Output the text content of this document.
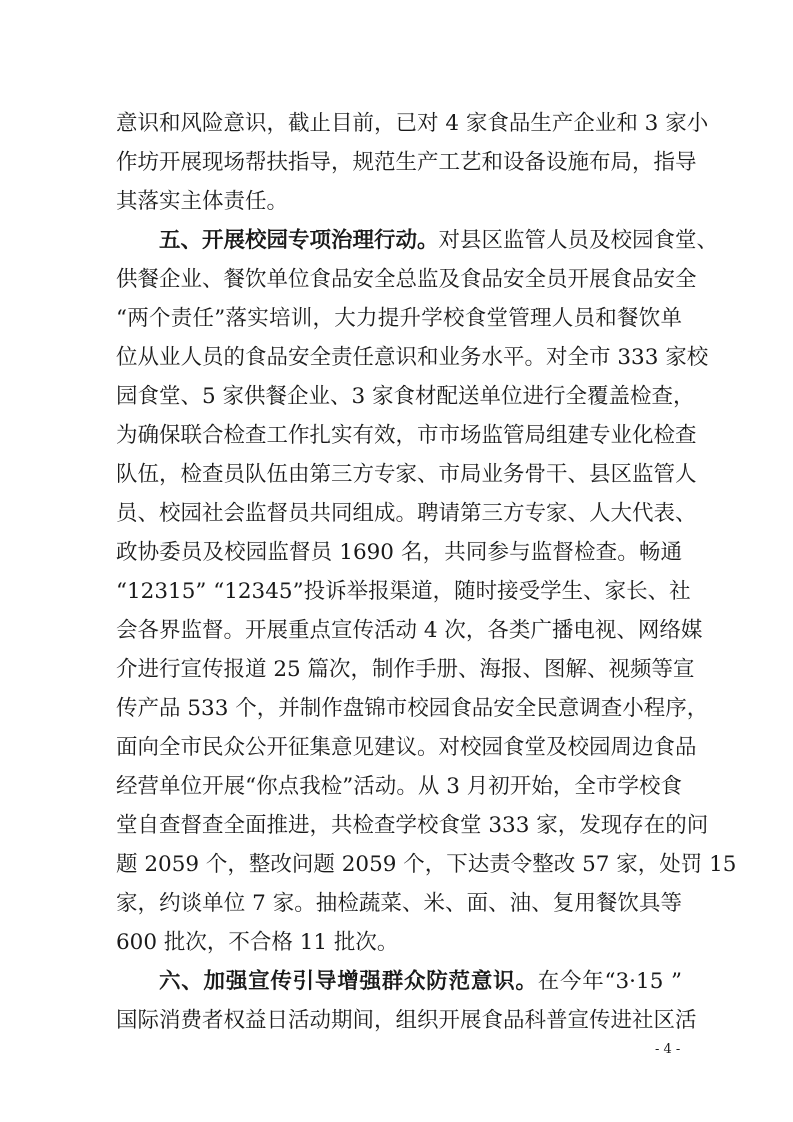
意识和风险意识，截止目前，已对 4 家食品生产企业和 3 家小
作坊开展现场帮扶指导，规范生产工艺和设备设施布局，指导
其落实主体责任。
五、开展校园专项治理行动。对县区监管人员及校园食堂、
供餐企业、餐饮单位食品安全总监及食品安全员开展食品安全
“两个责任”落实培训，大力提升学校食堂管理人员和餐饮单
位从业人员的食品安全责任意识和业务水平。对全市 333 家校
园食堂、5 家供餐企业、3 家食材配送单位进行全覆盖检查，
为确保联合检查工作扎实有效，市市场监管局组建专业化检查
队伍，检查员队伍由第三方专家、市局业务骨干、县区监管人
员、校园社会监督员共同组成。聘请第三方专家、人大代表、
政协委员及校园监督员 1690 名，共同参与监督检查。畅通
“12315” “12345”投诉举报渠道，随时接受学生、家长、社
会各界监督。开展重点宣传活动 4 次，各类广播电视、网络媒
介进行宣传报道 25 篇次，制作手册、海报、图解、视频等宣
传产品 533 个，并制作盘锦市校园食品安全民意调查小程序，
面向全市民众公开征集意见建议。对校园食堂及校园周边食品
经营单位开展“你点我检”活动。从 3 月初开始，全市学校食
堂自查督查全面推进，共检查学校食堂 333 家，发现存在的问
题 2059 个，整改问题 2059 个，下达责令整改 57 家，处罚 15
家，约谈单位 7 家。抽检蔬菜、米、面、油、复用餐饮具等
600 批次，不合格 11 批次。
六、加强宣传引导增强群众防范意识。在今年“3·15 ”
国际消费者权益日活动期间，组织开展食品科普宣传进社区活
- 4 -
